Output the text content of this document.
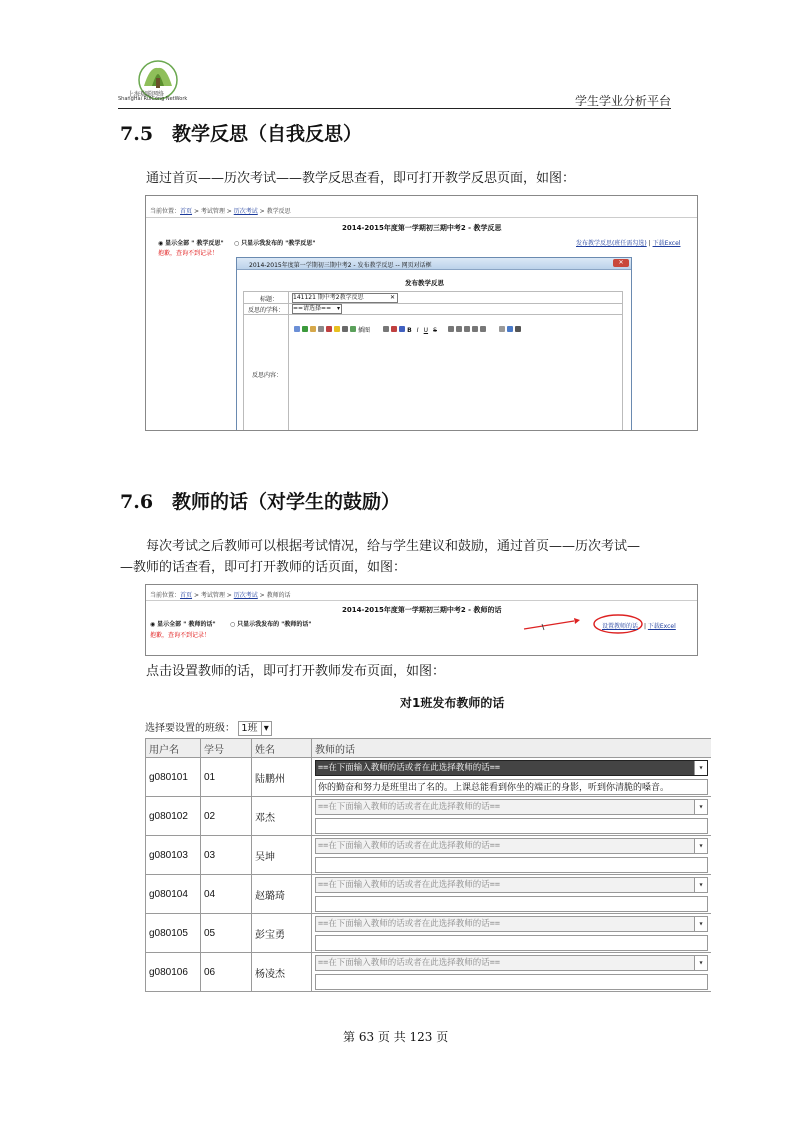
上海瑞聪网络
ShangHai RuiCong NetWork	学生学业分析平台
7.5 教学反思（自我反思）

通过首页——历次考试——教学反思查看，即可打开教学反思页面，如图：

当前位置：首页 > 考试管理 > 历次考试 > 教学反思
2014-2015年度第一学期初三期中考2 - 教学反思
◉ 显示全部 " 教学反思" ○ 只显示我发布的 "教学反思"
抱歉，查询不到记录！
发布教学反思(班任需勾选) | 下载Excel
2014-2015年度第一学期初三期中考2 - 发布教学反思 -- 网页对话框	✕
发布教学反思
标题： 141121 期中考2教学反思	✕
反思的学科： ==请选择== ▾
插图	B I U S
反思内容：
7.6 教师的话（对学生的鼓励）

每次考试之后教师可以根据考试情况，给与学生建议和鼓励，通过首页——历次考试—

—教师的话查看，即可打开教师的话页面，如图：

当前位置：首页 > 考试管理 > 历次考试 > 教师的话
2014-2015年度第一学期初三期中考2 - 教师的话
◉ 显示全部 " 教师的话" ○ 只显示我发布的 "教师的话"
抱歉，查询不到记录！
设置教师的话 | 下载Excel

点击设置教师的话，即可打开教师发布页面，如图：

对1班发布教师的话
选择要设置的班级： 1班 ▾
用户名	学号	姓名	教师的话
g080101	01	陆鹏州	==在下面输入教师的话或者在此选择教师的话== ▾
你的勤奋和努力是班里出了名的。上课总能看到你坐的端正的身影，听到你清脆的嗓音。

g080102	02	邓杰	==在下面输入教师的话或者在此选择教师的话== ▾

g080103	03	吴坤	==在下面输入教师的话或者在此选择教师的话== ▾

g080104	04	赵璐琦	==在下面输入教师的话或者在此选择教师的话== ▾

g080105	05	彭宝勇	==在下面输入教师的话或者在此选择教师的话== ▾

g080106	06	杨凌杰	==在下面输入教师的话或者在此选择教师的话== ▾
第 63 页 共 123 页
